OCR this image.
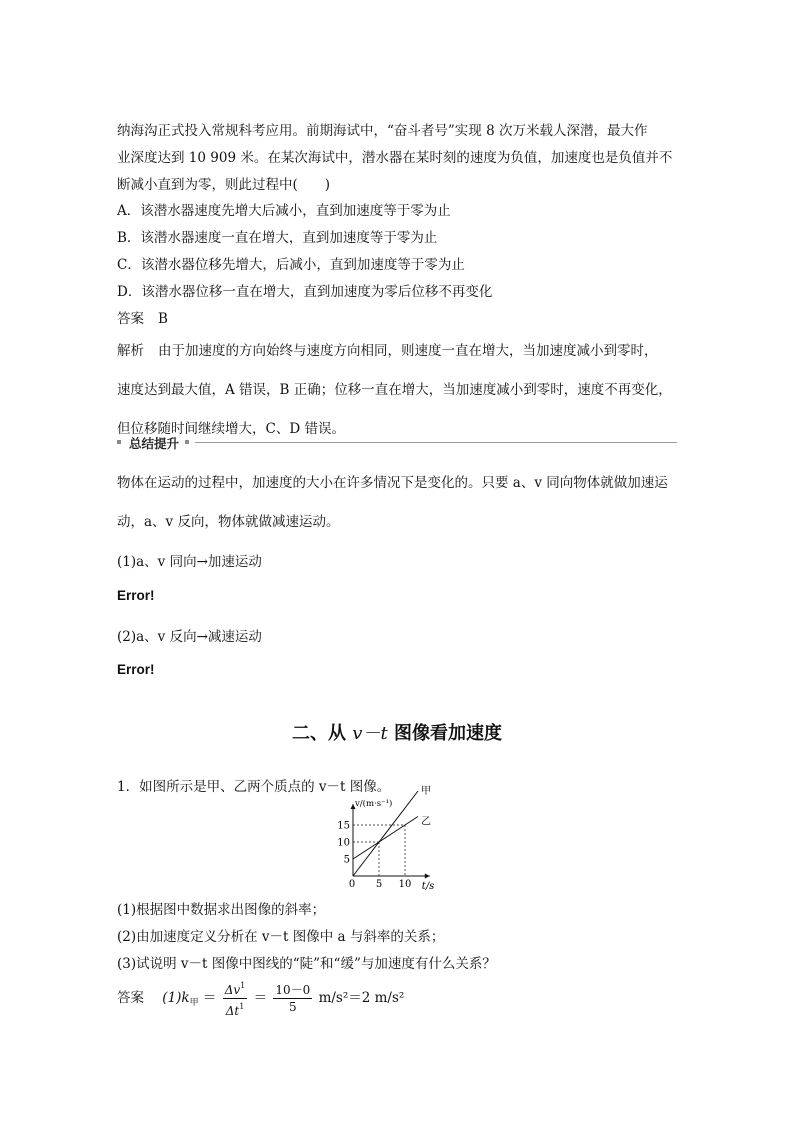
纳海沟正式投入常规科考应用。前期海试中，“奋斗者号”实现 8 次万米载人深潜，最大作
业深度达到 10 909 米。在某次海试中，潜水器在某时刻的速度为负值，加速度也是负值并不
断减小直到为零，则此过程中(　　)
A．该潜水器速度先增大后减小，直到加速度等于零为止
B．该潜水器速度一直在增大，直到加速度等于零为止
C．该潜水器位移先增大，后减小，直到加速度等于零为止
D．该潜水器位移一直在增大，直到加速度为零后位移不再变化
答案 B
解析 由于加速度的方向始终与速度方向相同，则速度一直在增大，当加速度减小到零时，
速度达到最大值，A 错误，B 正确；位移一直在增大，当加速度减小到零时，速度不再变化，
但位移随时间继续增大，C、D 错误。
总结提升
物体在运动的过程中，加速度的大小在许多情况下是变化的。只要 a、v 同向物体就做加速运
动，a、v 反向，物体就做减速运动。
(1)a、v 同向→加速运动
Error!
(2)a、v 反向→减速运动
Error!
二、从 v－t 图像看加速度
1．如图所示是甲、乙两个质点的 v－t 图像。	甲
乙
5
10
15
0 5 10
v/(m·s⁻¹)
t/s
(1)根据图中数据求出图像的斜率；
(2)由加速度定义分析在 v－t 图像中 a 与斜率的关系；
(3)试说明 v－t 图像中图线的“陡”和“缓”与加速度有什么关系？
答案 $(1)k_甲 = \frac{\Delta v^1}{\Delta t^1} = \frac{10-0}{5} m/s^2=2$ m/s²
